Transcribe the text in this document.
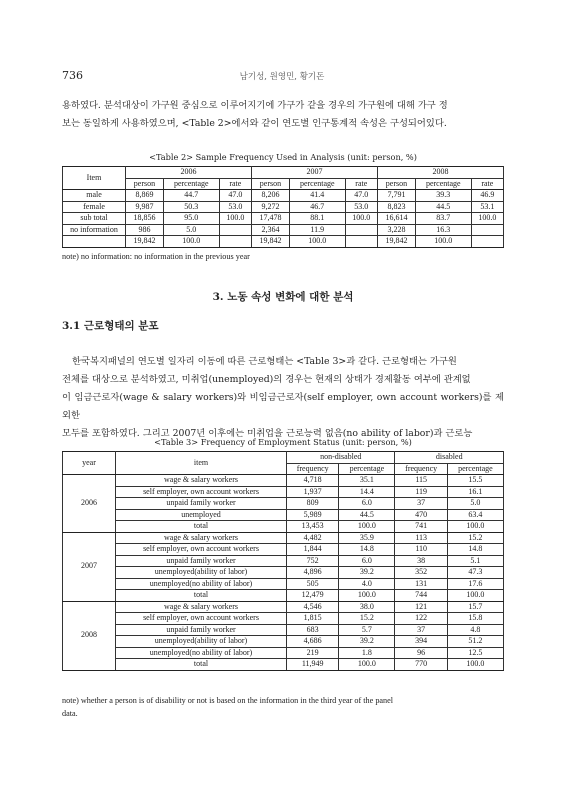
736	남기성, 원영민, 황기돈

용하였다. 분석대상이 가구원 중심으로 이루어지기에 가구가 같을 경우의 가구원에 대해 가구 정

보는 동일하게 사용하였으며, <Table 2>에서와 같이 연도별 인구통계적 속성은 구성되어있다.

<Table 2> Sample Frequency Used in Analysis (unit: person, %)
Item	2006			2007			2008		
	person	percentage	rate	person	percentage	rate	person	percentage	rate
male	8,869	44.7	47.0	8,206	41.4	47.0	7,791	39.3	46.9
female	9,987	50.3	53.0	9,272	46.7	53.0	8,823	44.5	53.1
sub total	18,856	95.0	100.0	17,478	88.1	100.0	16,614	83.7	100.0
no information	986	5.0		2,364	11.9		3,228	16.3	
	19,842	100.0		19,842	100.0		19,842	100.0	
note) no information: no information in the previous year
3. 노동 속성 변화에 대한 분석
3.1 근로형태의 분포

한국복지패널의 연도별 일자리 이동에 따른 근로형태는 <Table 3>과 같다. 근로형태는 가구원

전체를 대상으로 분석하였고, 미취업(unemployed)의 경우는 현재의 상태가 경제활동 여부에 관계없

이 임금근로자(wage & salary workers)와 비임금근로자(self employer, own account workers)를 제외한

모두를 포함하였다. 그리고 2007년 이후에는 미취업을 근로능력 없음(no ability of labor)과 근로능

<Table 3> Frequency of Employment Status (unit: person, %)
year	item	non-disabled		disabled	
		frequency	percentage	frequency	percentage
2006	wage & salary workers	4,718	35.1	115	15.5
	self employer, own account workers	1,937	14.4	119	16.1
	unpaid family worker	809	6.0	37	5.0
	unemployed	5,989	44.5	470	63.4
	total	13,453	100.0	741	100.0
2007	wage & salary workers	4,482	35.9	113	15.2
	self employer, own account workers	1,844	14.8	110	14.8
	unpaid family worker	752	6.0	38	5.1
	unemployed(ability of labor)	4,896	39.2	352	47.3
	unemployed(no ability of labor)	505	4.0	131	17.6
	total	12,479	100.0	744	100.0
2008	wage & salary workers	4,546	38.0	121	15.7
	self employer, own account workers	1,815	15.2	122	15.8
	unpaid family worker	683	5.7	37	4.8
	unemployed(ability of labor)	4,686	39.2	394	51.2
	unemployed(no ability of labor)	219	1.8	96	12.5
	total	11,949	100.0	770	100.0
note) whether a person is of disability or not is based on the information in the third year of the panel
data.
